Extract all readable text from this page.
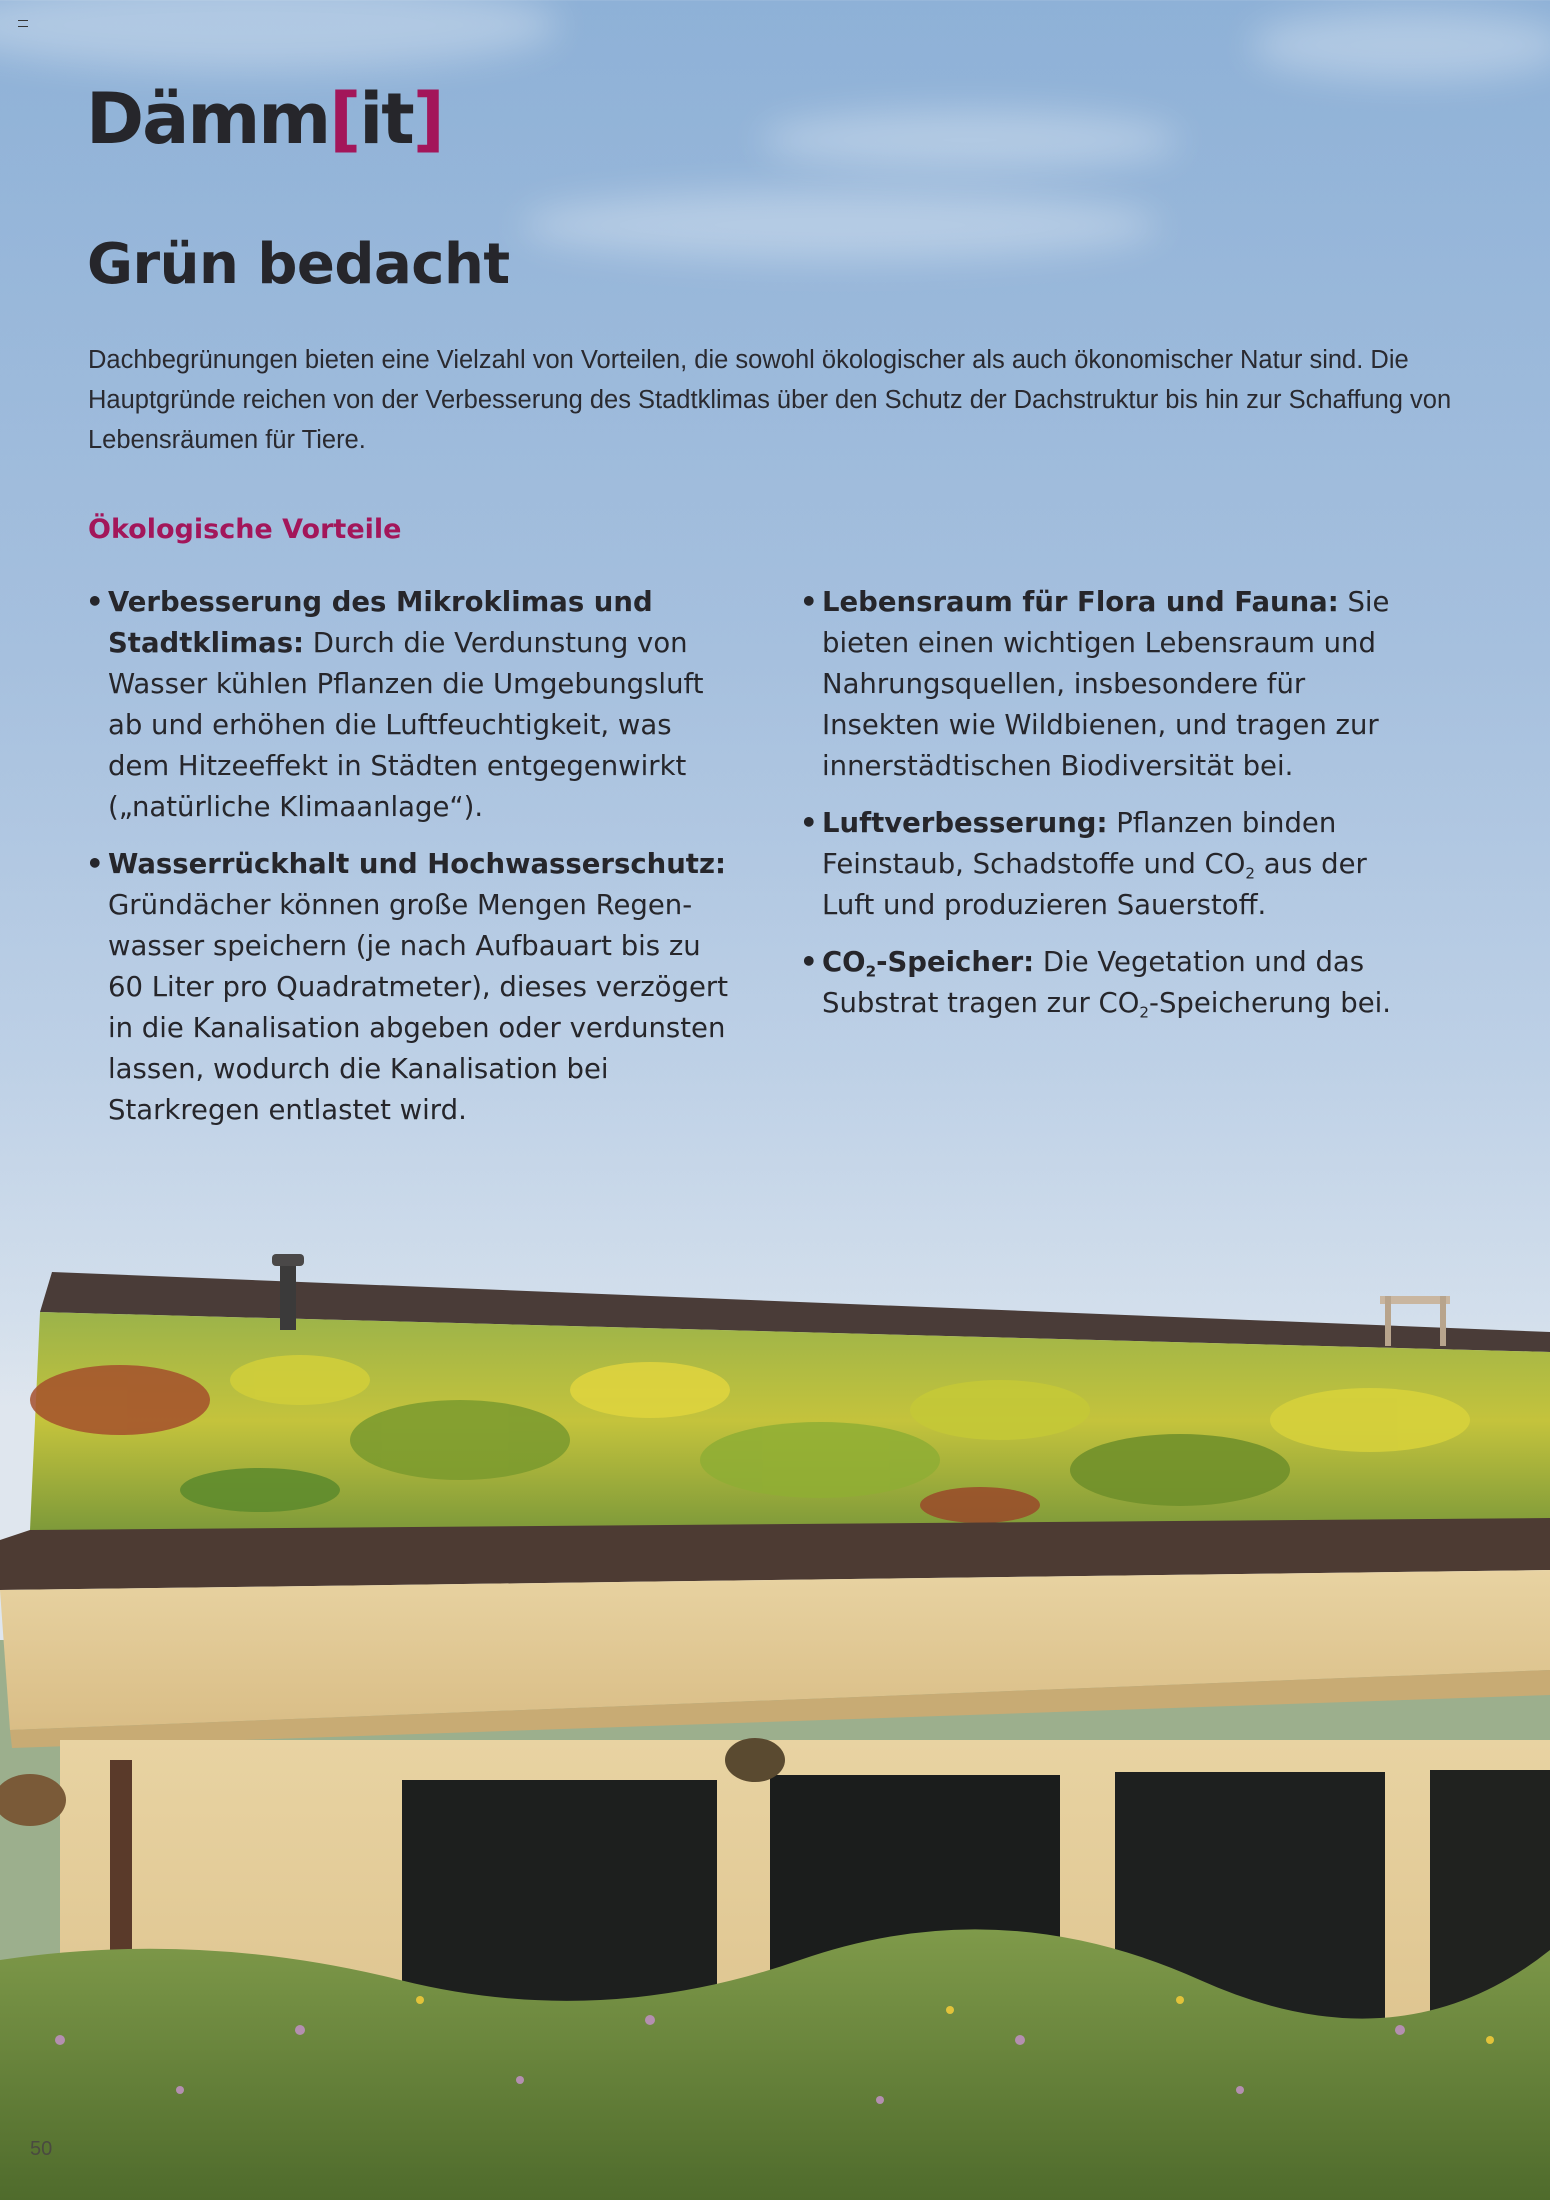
Dämm[it]
Grün bedacht

Dachbegrünungen bieten eine Vielzahl von Vorteilen, die sowohl ökologischer als auch ökonomischer Natur sind. Die Hauptgründe reichen von der Verbesserung des Stadtklimas über den Schutz der Dachstruktur bis hin zur Schaffung von Lebensräumen für Tiere.

Ökologische Vorteile
• Verbesserung des Mikroklimas und Stadtklimas: Durch die Verdunstung von Wasser kühlen Pflanzen die Umgebungsluft ab und erhöhen die Luftfeuchtigkeit, was dem Hitzeeffekt in Städten entgegenwirkt („natürliche Klimaanlage“).
• Wasserrückhalt und Hochwasserschutz: Gründächer können große Mengen Regenwasser speichern (je nach Aufbauart bis zu 60 Liter pro Quadratmeter), dieses verzögert in die Kanalisation abgeben oder verdunsten lassen, wodurch die Kanalisation bei Starkregen entlastet wird.
• Lebensraum für Flora und Fauna: Sie bieten einen wichtigen Lebensraum und Nahrungsquellen, insbesondere für Insekten wie Wildbienen, und tragen zur innerstädtischen Biodiversität bei.
• Luftverbesserung: Pflanzen binden Feinstaub, Schadstoffe und $CO_2$ aus der Luft und produzieren Sauerstoff.
• $CO_2$-Speicher: Die Vegetation und das Substrat tragen zur $CO_2$-Speicherung bei.
50
